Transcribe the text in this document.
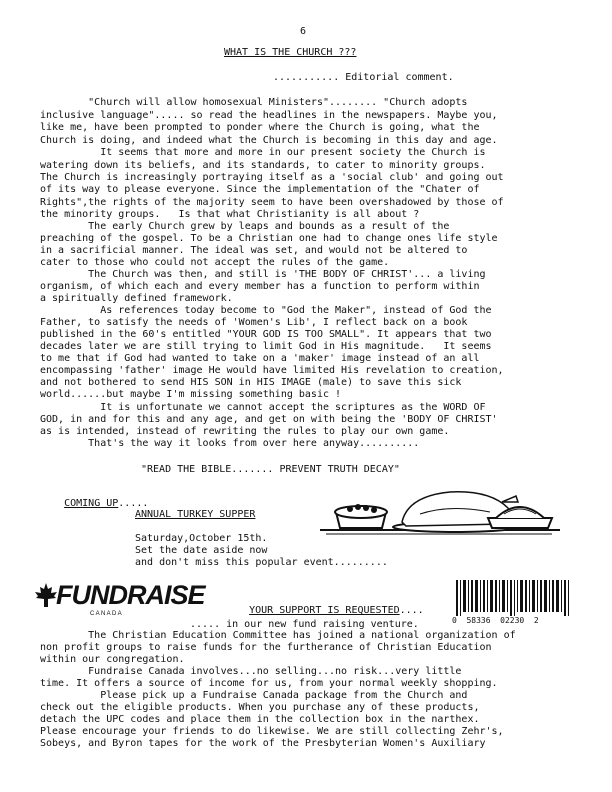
6
WHAT IS THE CHURCH ???
........... Editorial comment.
"Church will allow homosexual Ministers"........ "Church adopts
inclusive language"..... so read the headlines in the newspapers. Maybe you,
like me, have been prompted to ponder where the Church is going, what the
Church is doing, and indeed what the Church is becoming in this day and age.
It seems that more and more in our present society the Church is
watering down its beliefs, and its standards, to cater to minority groups.
The Church is increasingly portraying itself as a 'social club' and going out
of its way to please everyone. Since the implementation of the "Chater of
Rights",the rights of the majority seem to have been overshadowed by those of
the minority groups.   Is that what Christianity is all about ?
The early Church grew by leaps and bounds as a result of the
preaching of the gospel. To be a Christian one had to change ones life style
in a sacrificial manner. The ideal was set, and would not be altered to
cater to those who could not accept the rules of the game.
The Church was then, and still is 'THE BODY OF CHRIST'... a living
organism, of which each and every member has a function to perform within
a spiritually defined framework.
As references today become to "God the Maker", instead of God the
Father, to satisfy the needs of 'Women's Lib', I reflect back on a book
published in the 60's entitled "YOUR GOD IS TOO SMALL". It appears that two
decades later we are still trying to limit God in His magnitude.   It seems
to me that if God had wanted to take on a 'maker' image instead of an all
encompassing 'father' image He would have limited His revelation to creation,
and not bothered to send HIS SON in HIS IMAGE (male) to save this sick
world......but maybe I'm missing something basic !
It is unfortunate we cannot accept the scriptures as the WORD OF
GOD, in and for this and any age, and get on with being the 'BODY OF CHRIST'
as is intended, instead of rewriting the rules to play our own game.
That's the way it looks from over here anyway..........
"READ THE BIBLE....... PREVENT TRUTH DECAY"

COMING UP.....

ANNUAL TURKEY SUPPER
Saturday,October 15th.
Set the date aside now
and don't miss this popular event.........
FUNDRAISE
C A N A D A	YOUR SUPPORT IS REQUESTED....

0  58336  02230  2
..... in our new fund raising venture.
The Christian Education Committee has joined a national organization of
non profit groups to raise funds for the furtherance of Christian Education
within our congregation.
Fundraise Canada involves...no selling...no risk...very little
time. It offers a source of income for us, from your normal weekly shopping.
Please pick up a Fundraise Canada package from the Church and
check out the eligible products. When you purchase any of these products,
detach the UPC codes and place them in the collection box in the narthex.
Please encourage your friends to do likewise. We are still collecting Zehr's,
Sobeys, and Byron tapes for the work of the Presbyterian Women's Auxiliary
